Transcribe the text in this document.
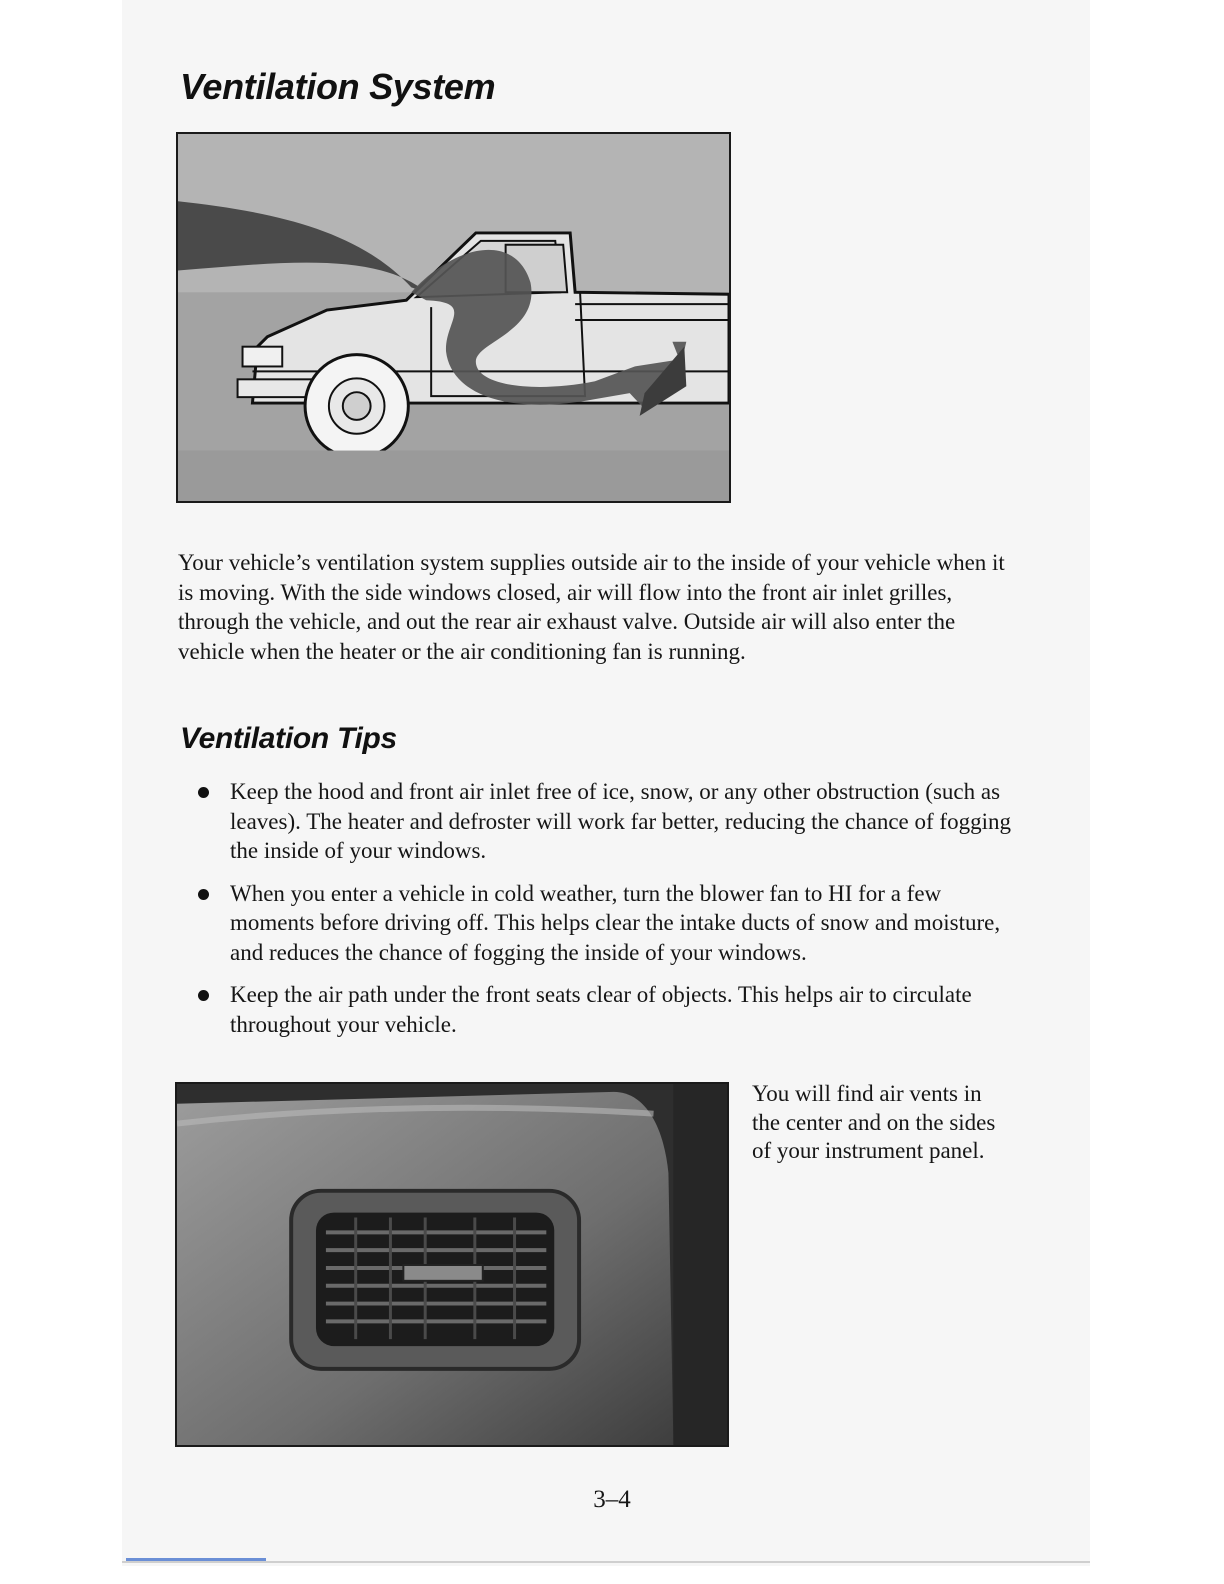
Ventilation System

Your vehicle’s ventilation system supplies outside air to the inside of your vehicle when it is moving. With the side windows closed, air will flow into the front air inlet grilles, through the vehicle, and out the rear air exhaust valve. Outside air will also enter the vehicle when the heater or the air conditioning fan is running.

Ventilation Tips
Keep the hood and front air inlet free of ice, snow, or any other obstruction (such as leaves). The heater and defroster will work far better, reducing the chance of fogging the inside of your windows.
When you enter a vehicle in cold weather, turn the blower fan to HI for a few moments before driving off. This helps clear the intake ducts of snow and moisture, and reduces the chance of fogging the inside of your windows.
Keep the air path under the front seats clear of objects. This helps air to circulate throughout your vehicle.

You will find air vents in the center and on the sides of your instrument panel.

3–4
